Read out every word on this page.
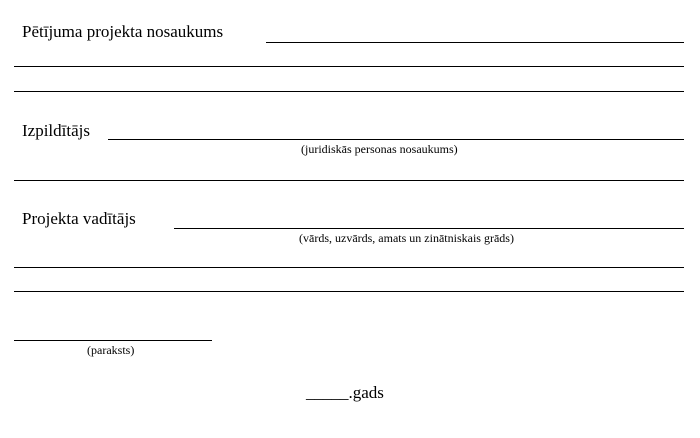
Pētījuma projekta nosaukums
Izpildītājs
(juridiskās personas nosaukums)
Projekta vadītājs
(vārds, uzvārds, amats un zinātniskais grāds)
(paraksts)
_____.gads
